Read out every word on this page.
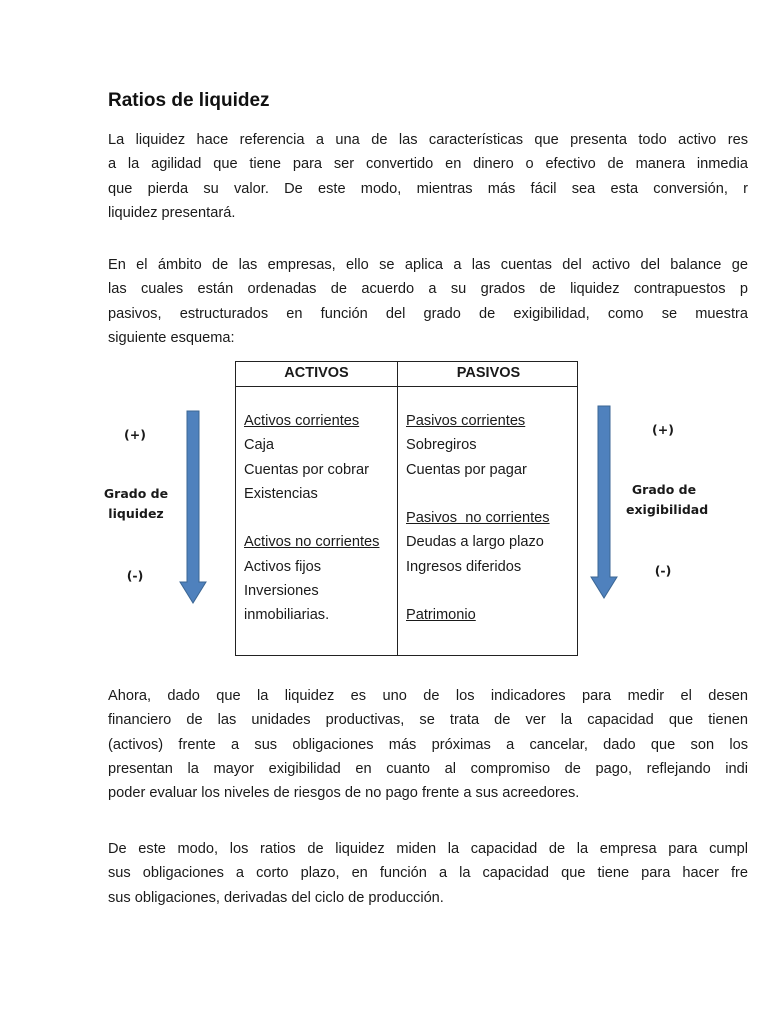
Ratios de liquidez

La liquidez hace referencia a una de las características que presenta todo activo res
a la agilidad que tiene para ser convertido en dinero o efectivo de manera inmedia
que pierda su valor. De este modo, mientras más fácil sea esta conversión, r
liquidez presentará.

En el ámbito de las empresas, ello se aplica a las cuentas del activo del balance ge
las cuales están ordenadas de acuerdo a su grados de liquidez contrapuestos p
pasivos, estructurados en función del grado de exigibilidad, como se muestra
siguiente esquema:

(+)
Grado de
liquidez
(-)
(+)
Grado de
exigibilidad
(-)
ACTIVOS	PASIVOS
Activos corrientes
Caja
Cuentas por cobrar
Existencias
Activos no corrientes
Activos fijos
Inversiones
inmobiliarias.
Pasivos corrientes
Sobregiros
Cuentas por pagar
Pasivos  no corrientes
Deudas a largo plazo
Ingresos diferidos
Patrimonio

Ahora, dado que la liquidez es uno de los indicadores para medir el desen
financiero de las unidades productivas, se trata de ver la capacidad que tienen
(activos) frente a sus obligaciones más próximas a cancelar, dado que son los
presentan la mayor exigibilidad en cuanto al compromiso de pago, reflejando indi
poder evaluar los niveles de riesgos de no pago frente a sus acreedores.

De este modo, los ratios de liquidez miden la capacidad de la empresa para cumpl
sus obligaciones a corto plazo, en función a la capacidad que tiene para hacer fre
sus obligaciones, derivadas del ciclo de producción.
